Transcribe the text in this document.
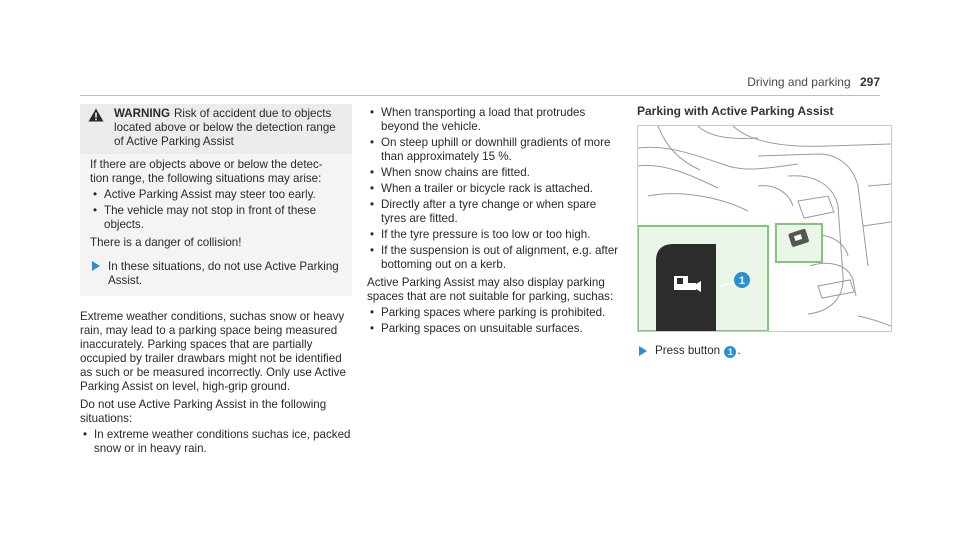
Driving and parking 297
WARNING Risk of accident due to objects located above or below the detection range of Active Parking Assist

If there are objects above or below the detec- tion range, the following situations may arise:

• Active Parking Assist may steer too early.
• The vehicle may not stop in front of these objects.

There is a danger of collision!

In these situations, do not use Active Parking Assist.

Extreme weather conditions, suchas snow or heavy rain, may lead to a parking space being measured inaccurately. Parking spaces that are partially occupied by trailer drawbars might not be identified as such or be measured incorrectly. Only use Active Parking Assist on level, high-grip ground.

Do not use Active Parking Assist in the following situations:

• In extreme weather conditions suchas ice, packed snow or in heavy rain.
• When transporting a load that protrudes beyond the vehicle.
• On steep uphill or downhill gradients of more than approximately 15 %.
• When snow chains are fitted.
• When a trailer or bicycle rack is attached.
• Directly after a tyre change or when spare tyres are fitted.
• If the tyre pressure is too low or too high.
• If the suspension is out of alignment, e.g. after bottoming out on a kerb.

Active Parking Assist may also display parking spaces that are not suitable for parking, suchas:

• Parking spaces where parking is prohibited.
• Parking spaces on unsuitable surfaces.
Parking with Active Parking Assist
1
Press button 1 .
